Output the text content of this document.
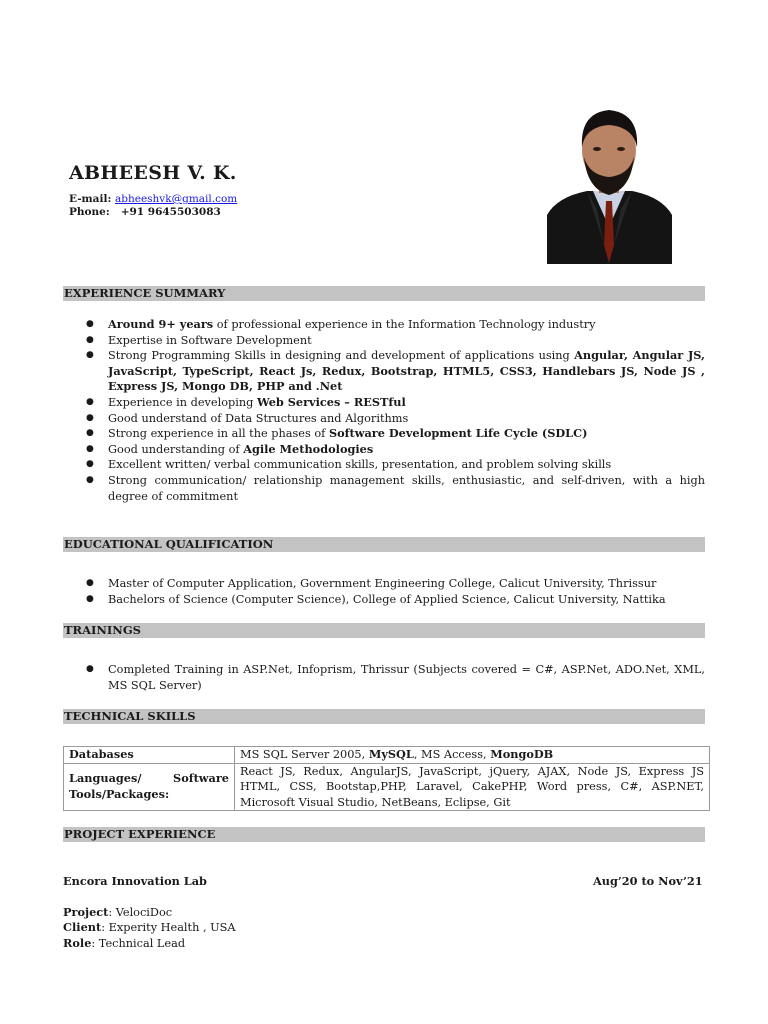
ABHEESH V. K.
E-mail: abheeshvk@gmail.com
Phone: +91 9645503083
EXPERIENCE SUMMARY
● Around 9+ years of professional experience in the Information Technology industry
● Expertise in Software Development
● Strong Programming Skills in designing and development of applications using Angular, Angular JS, JavaScript, TypeScript, React Js, Redux, Bootstrap, HTML5, CSS3, Handlebars JS, Node JS , Express JS, Mongo DB, PHP and .Net
● Experience in developing Web Services – RESTful
● Good understand of Data Structures and Algorithms
● Strong experience in all the phases of Software Development Life Cycle (SDLC)
● Good understanding of Agile Methodologies
● Excellent written/ verbal communication skills, presentation, and problem solving skills
● Strong communication/ relationship management skills, enthusiastic, and self-driven, with a high degree of commitment
EDUCATIONAL QUALIFICATION
● Master of Computer Application, Government Engineering College, Calicut University, Thrissur
● Bachelors of Science (Computer Science), College of Applied Science, Calicut University, Nattika
TRAININGS
● Completed Training in ASP.Net, Infoprism, Thrissur (Subjects covered = C#, ASP.Net, ADO.Net, XML, MS SQL Server)
TECHNICAL SKILLS
Databases	MS SQL Server 2005, MySQL, MS Access, MongoDB

Languages/ Software
Tools/Packages:	React JS, Redux, AngularJS, JavaScript, jQuery, AJAX, Node JS, Express JS HTML, CSS, Bootstap,PHP, Laravel, CakePHP, Word press, C#, ASP.NET, Microsoft Visual Studio, NetBeans, Eclipse, Git
PROJECT EXPERIENCE
Encora Innovation Lab	Aug’20 to Nov’21
Project: VelociDoc
Client: Experity Health , USA
Role: Technical Lead
